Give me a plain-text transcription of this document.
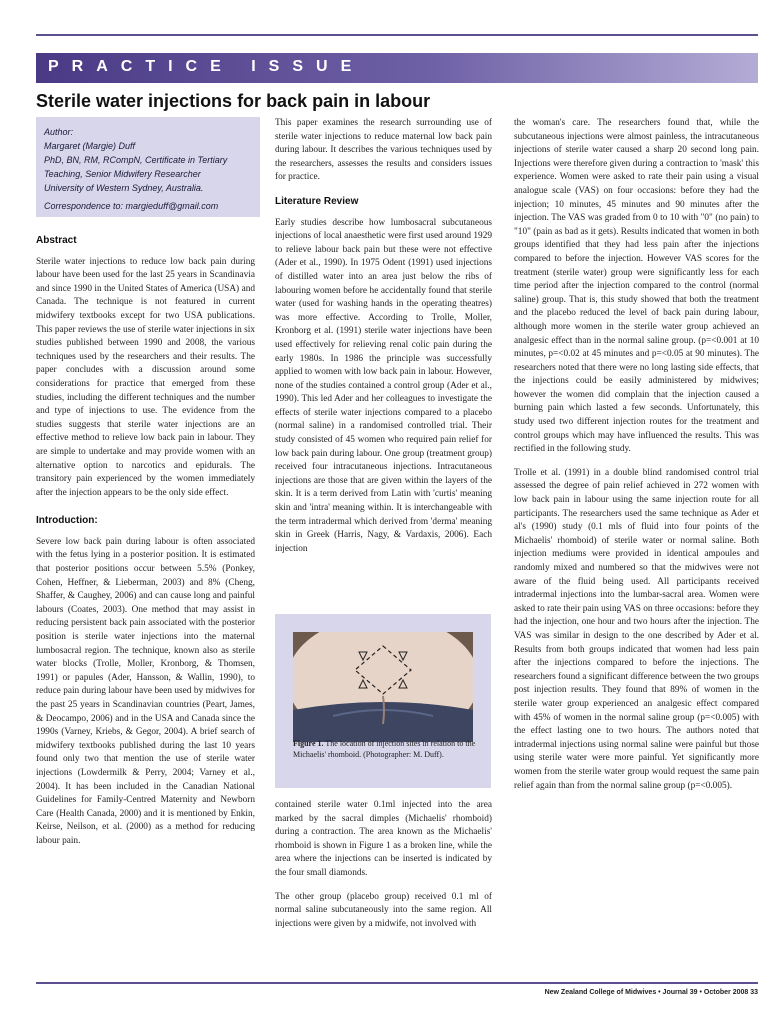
PRACTICE ISSUE
Sterile water injections for back pain in labour

Author:

Margaret (Margie) Duff

PhD, BN, RM, RCompN, Certificate in Tertiary Teaching, Senior Midwifery Researcher

University of Western Sydney, Australia.

Correspondence to: margieduff@gmail.com

Abstract

Sterile water injections to reduce low back pain during labour have been used for the last 25 years in Scandinavia and since 1990 in the United States of America (USA) and Canada. The technique is not featured in current midwifery textbooks except for two USA publications. This paper reviews the use of sterile water injections in six studies published between 1990 and 2008, the various techniques used by the researchers and their results. The paper concludes with a discussion around some considerations for practice that emerged from these studies, including the different techniques and the number and type of injections to use. The evidence from the studies suggests that sterile water injections are an effective method to relieve low back pain in labour. They are simple to undertake and may provide women with an alternative option to narcotics and epidurals. The transitory pain experienced by the women immediately after the injection appears to be the only side effect.

Introduction:

Severe low back pain during labour is often associated with the fetus lying in a posterior position. It is estimated that posterior positions occur between 5.5% (Ponkey, Cohen, Heffner, & Lieberman, 2003) and 8% (Cheng, Shaffer, & Caughey, 2006) and can cause long and painful labours (Coates, 2003). One method that may assist in reducing persistent back pain associated with the posterior position is sterile water injections into the maternal lumbosacral region. The technique, known also as sterile water blocks (Trolle, Moller, Kronborg, & Thomsen, 1991) or papules (Ader, Hansson, & Wallin, 1990), to reduce pain during labour have been used by midwives for the past 25 years in Scandinavian countries (Peart, James, & Deocampo, 2006) and in the USA and Canada since the 1990s (Varney, Kriebs, & Gegor, 2004). A brief search of midwifery textbooks published during the last 10 years found only two that mention the use of sterile water injections (Lowdermilk & Perry, 2004; Varney et al., 2004). It has been included in the Canadian National Guidelines for Family-Centred Maternity and Newborn Care (Health Canada, 2000) and it is mentioned by Enkin, Keirse, Neilson, et al. (2000) as a method for reducing labour pain.

This paper examines the research surrounding use of sterile water injections to reduce maternal low back pain during labour. It describes the various techniques used by the researchers, assesses the results and considers issues for practice.

Literature Review

Early studies describe how lumbosacral subcutaneous injections of local anaesthetic were first used around 1929 to relieve labour back pain but these were not effective (Ader et al., 1990). In 1975 Odent (1991) used injections of distilled water into an area just below the ribs of labouring women before he accidentally found that sterile water (used for washing hands in the operating theatres) was more effective. According to Trolle, Moller, Kronborg et al. (1991) sterile water injections have been used effectively for relieving renal colic pain during the early 1980s. In 1986 the principle was successfully applied to women with low back pain in labour. However, none of the studies contained a control group (Ader et al., 1990). This led Ader and her colleagues to investigate the effects of sterile water injections compared to a placebo (normal saline) in a randomised controlled trial. Their study consisted of 45 women who required pain relief for low back pain during labour. One group (treatment group) received four intracutaneous injections. Intracutaneous injections are those that are given within the layers of the skin. It is a term derived from Latin with 'curtis' meaning skin and 'intra' meaning within. It is interchangeable with the term intradermal which derived from 'derma' meaning skin in Greek (Harris, Nagy, & Vardaxis, 2006). Each injection

Figure 1. The location of injection sites in relation to the Michaelis' rhomboid. (Photographer: M. Duff).

contained sterile water 0.1ml injected into the area marked by the sacral dimples (Michaelis' rhomboid) during a contraction. The area known as the Michaelis' rhomboid is shown in Figure 1 as a broken line, while the area where the injections can be inserted is indicated by the four small diamonds.

The other group (placebo group) received 0.1 ml of normal saline subcutaneously into the same region. All injections were given by a midwife, not involved with

the woman's care. The researchers found that, while the subcutaneous injections were almost painless, the intracutaneous injections of sterile water caused a sharp 20 second long pain. Injections were therefore given during a contraction to 'mask' this experience. Women were asked to rate their pain using a visual analogue scale (VAS) on four occasions: before they had the injection; 10 minutes, 45 minutes and 90 minutes after the injection. The VAS was graded from 0 to 10 with "0" (no pain) to "10" (pain as bad as it gets). Results indicated that women in both groups identified that they had less pain after the injections compared to before the injection. However VAS scores for the treatment (sterile water) group were significantly less for each time period after the injection compared to the control (normal saline) group. That is, this study showed that both the treatment and the placebo reduced the level of back pain during labour, although more women in the sterile water group achieved an analgesic effect than in the normal saline group. (p=<0.001 at 10 minutes, p=<0.02 at 45 minutes and p=<0.05 at 90 minutes). The researchers noted that there were no long lasting side effects, that the injections could be easily administered by midwives; however the women did complain that the injection caused a burning pain which lasted a few seconds. Unfortunately, this study used two different injection routes for the treatment and control groups which may have influenced the results. This was rectified in the following study.

Trolle et al. (1991) in a double blind randomised control trial assessed the degree of pain relief achieved in 272 women with low back pain in labour using the same injection route for all participants. The researchers used the same technique as Ader et al's (1990) study (0.1 mls of fluid into four points of the Michaelis' rhomboid) of sterile water or normal saline. Both injection mediums were provided in identical ampoules and randomly mixed and numbered so that the midwives were not aware of the fluid being used. All participants received intradermal injections into the lumbar-sacral area. Women were asked to rate their pain using VAS on three occasions: before they had the injection, one hour and two hours after the injection. The VAS was similar in design to the one described by Ader et al. Results from both groups indicated that women had less pain after the injections compared to before the injections. The researchers found a significant difference between the two groups post injection results. They found that 89% of women in the sterile water group experienced an analgesic effect compared with 45% of women in the normal saline group (p=<0.005) with the effect lasting one to two hours. The authors noted that intradermal injections using normal saline were painful but those using sterile water were more painful. Yet significantly more women from the sterile water group would request the same pain relief again than from the normal saline group (p=<0.005).

New Zealand College of Midwives • Journal 39 • October 2008 33
